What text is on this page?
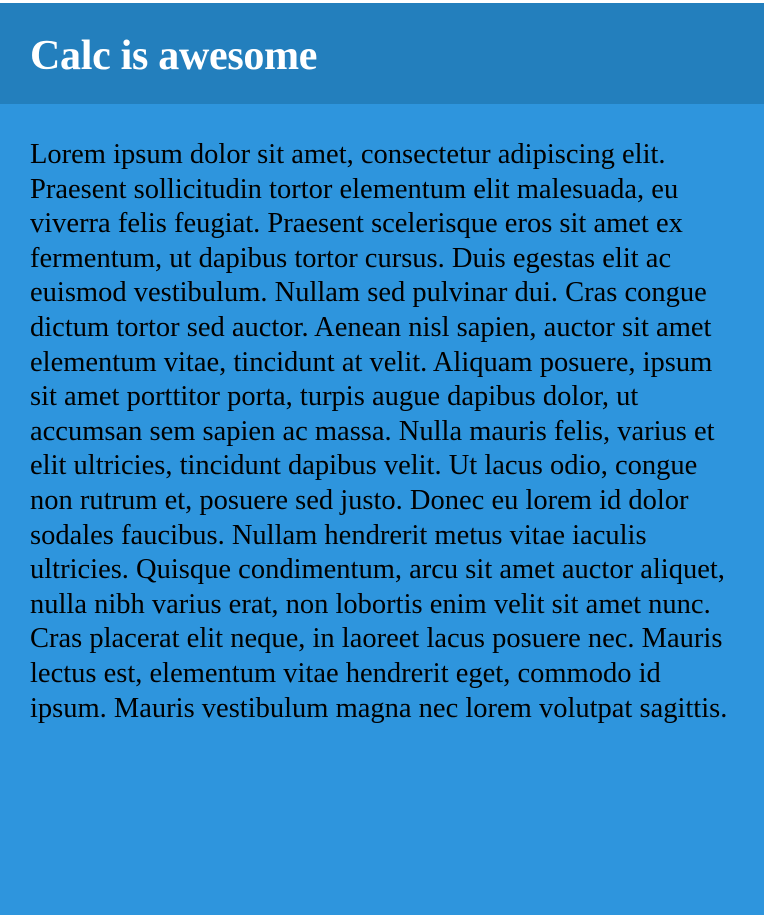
Calc is awesome

Lorem ipsum dolor sit amet, consectetur adipiscing elit. Praesent sollicitudin tortor elementum elit malesuada, eu viverra felis feugiat. Praesent scelerisque eros sit amet ex fermentum, ut dapibus tortor cursus. Duis egestas elit ac euismod vestibulum. Nullam sed pulvinar dui. Cras congue dictum tortor sed auctor. Aenean nisl sapien, auctor sit amet elementum vitae, tincidunt at velit. Aliquam posuere, ipsum sit amet porttitor porta, turpis augue dapibus dolor, ut accumsan sem sapien ac massa. Nulla mauris felis, varius et elit ultricies, tincidunt dapibus velit. Ut lacus odio, congue non rutrum et, posuere sed justo. Donec eu lorem id dolor sodales faucibus. Nullam hendrerit metus vitae iaculis ultricies. Quisque condimentum, arcu sit amet auctor aliquet, nulla nibh varius erat, non lobortis enim velit sit amet nunc. Cras placerat elit neque, in laoreet lacus posuere nec. Mauris lectus est, elementum vitae hendrerit eget, commodo id ipsum. Mauris vestibulum magna nec lorem volutpat sagittis.
